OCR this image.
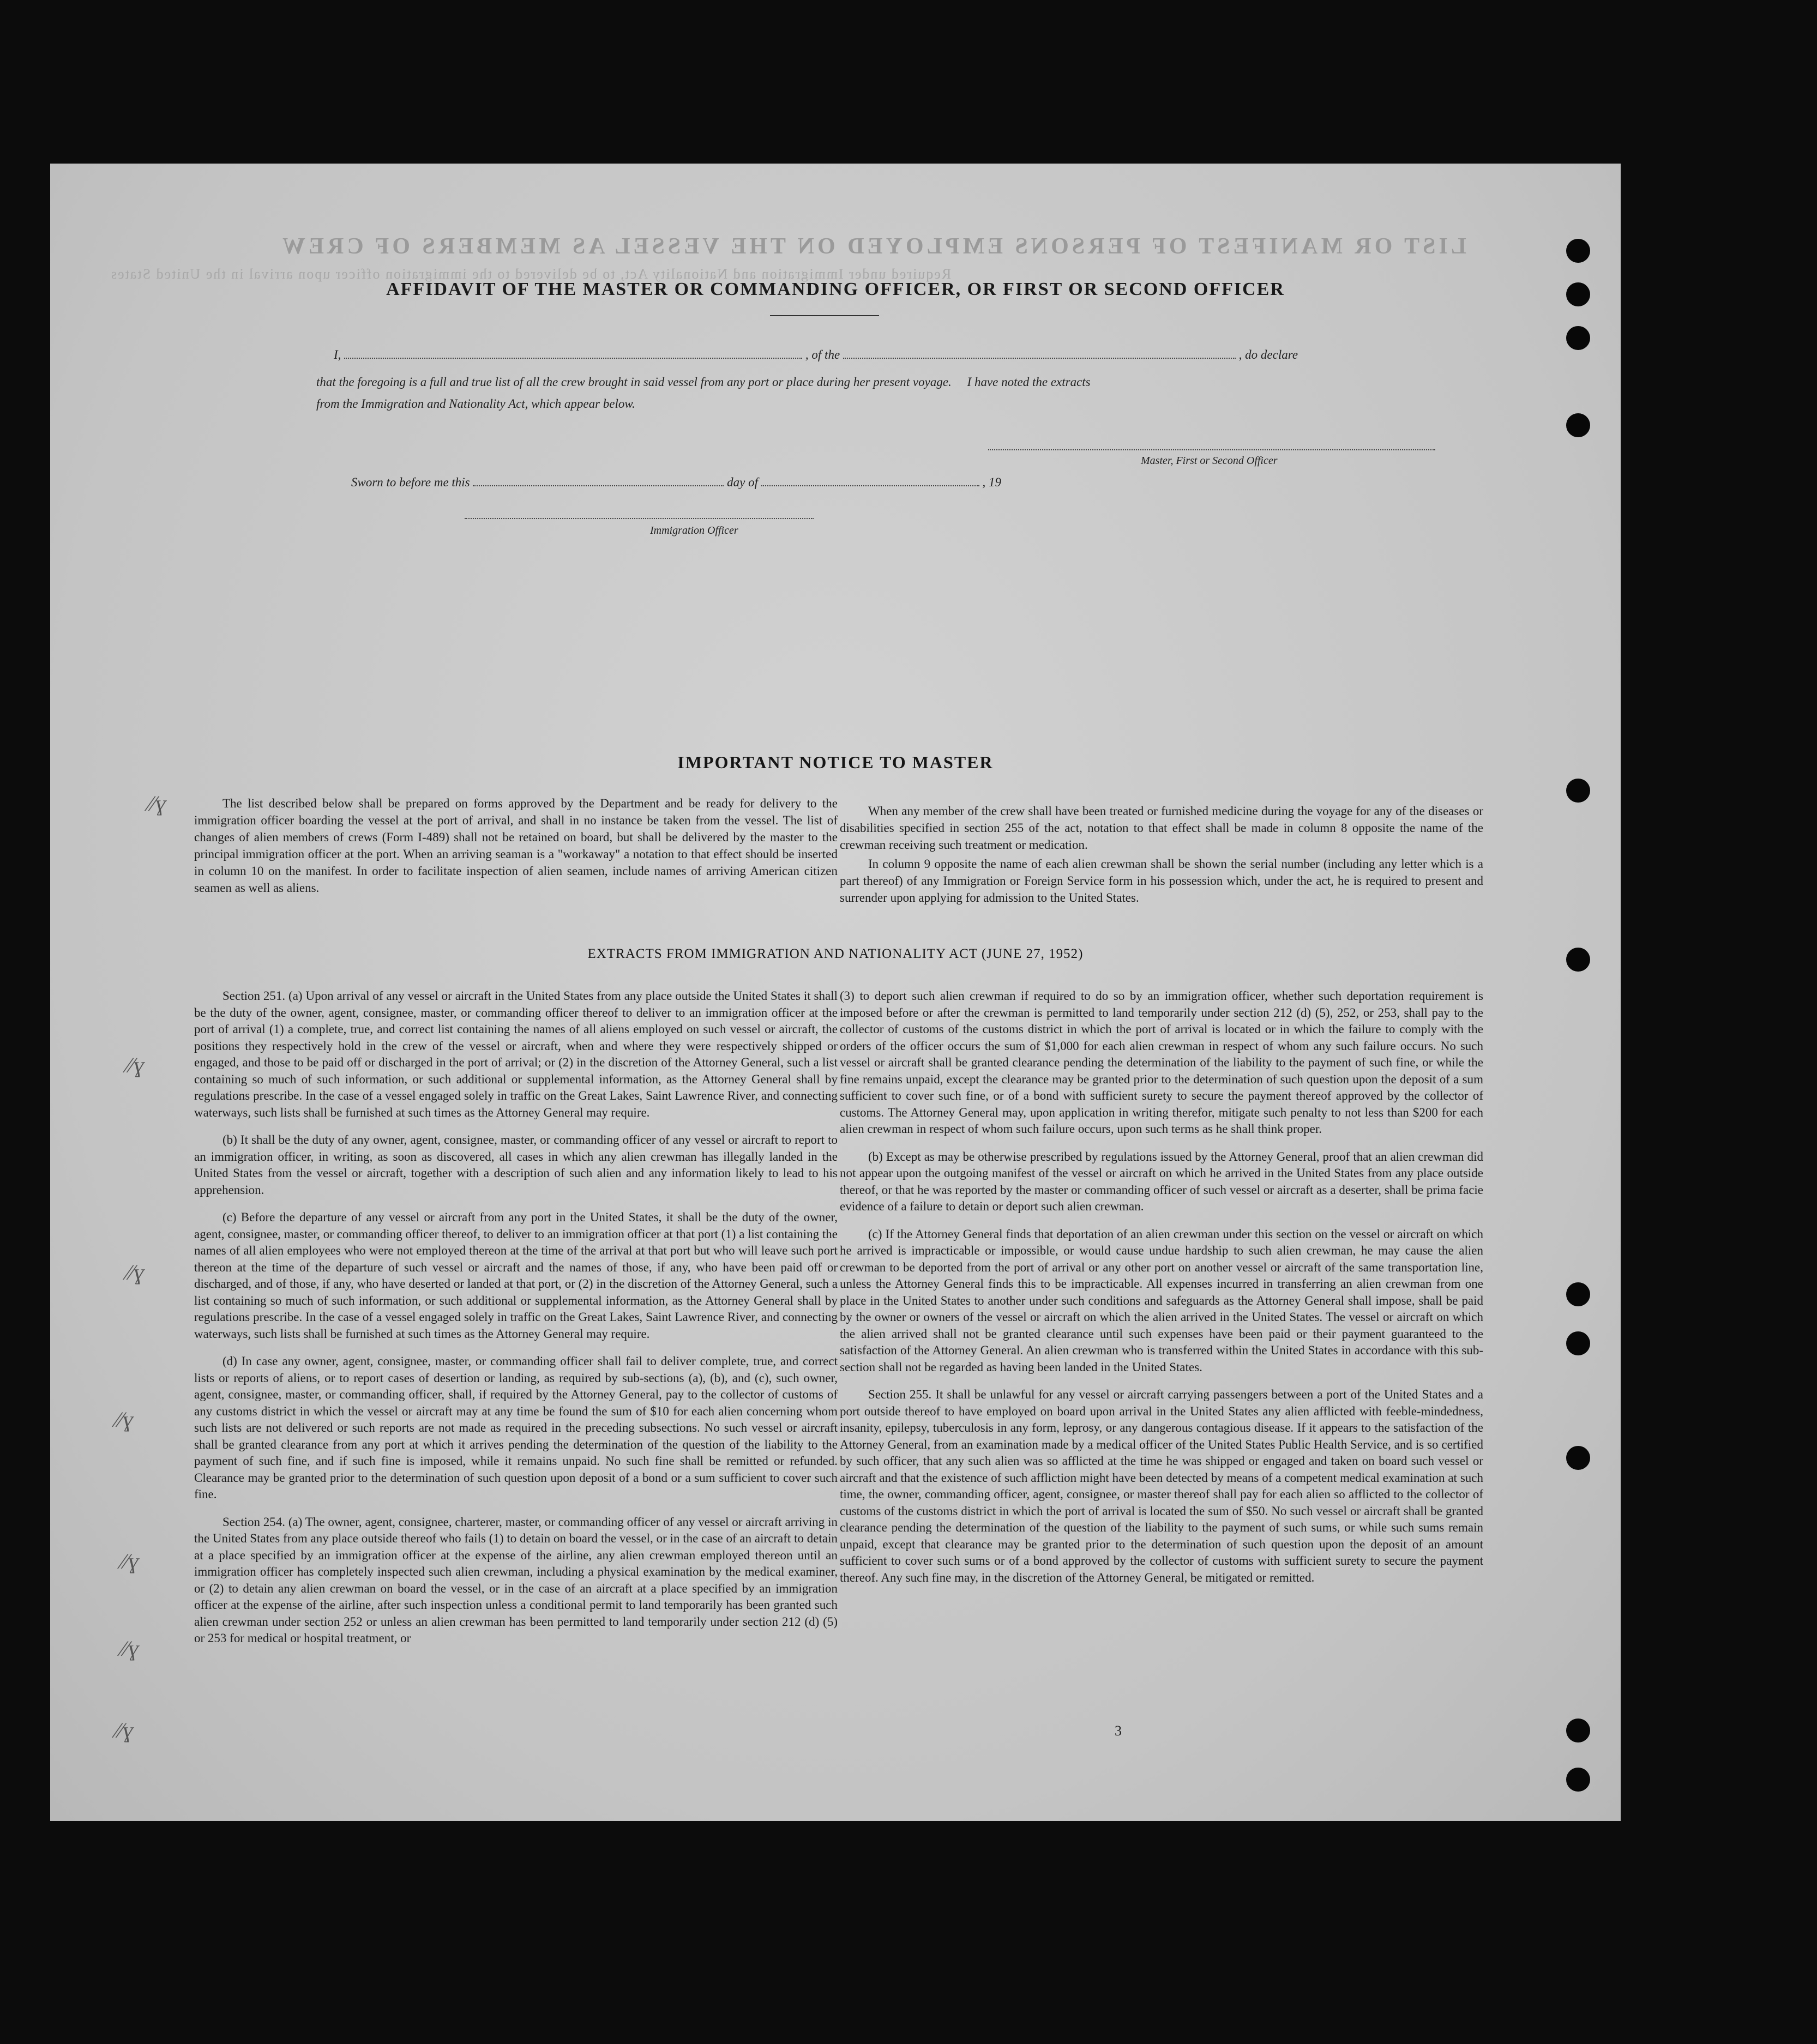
LIST OR MANIFEST OF PERSONS EMPLOYED ON THE VESSEL AS MEMBERS OF CREW
Required under Immigration and Nationality Act, to be delivered to the immigration officer upon arrival in the United States
AFFIDAVIT OF THE MASTER OR COMMANDING OFFICER, OR FIRST OR SECOND OFFICER
I,	, of the	, do declare
that the foregoing is a full and true list of all the crew brought in said vessel from any port or place during her present voyage. I have noted the extracts
from the Immigration and Nationality Act, which appear below.
Master, First or Second Officer
Sworn to before me this	day of	, 19
Immigration Officer
IMPORTANT NOTICE TO MASTER

The list described below shall be prepared on forms approved by the Department and be ready for delivery to the immigration officer boarding the vessel at the port of arrival, and shall in no instance be taken from the vessel. The list of changes of alien members of crews (Form I-489) shall not be retained on board, but shall be delivered by the master to the principal immigration officer at the port. When an arriving seaman is a "workaway" a notation to that effect should be inserted in column 10 on the manifest. In order to facilitate inspection of alien seamen, include names of arriving American citizen seamen as well as aliens.

When any member of the crew shall have been treated or furnished medicine during the voyage for any of the diseases or disabilities specified in section 255 of the act, notation to that effect shall be made in column 8 opposite the name of the crewman receiving such treatment or medication.

In column 9 opposite the name of each alien crewman shall be shown the serial number (including any letter which is a part thereof) of any Immigration or Foreign Service form in his possession which, under the act, he is required to present and surrender upon applying for admission to the United States.

EXTRACTS FROM IMMIGRATION AND NATIONALITY ACT (JUNE 27, 1952)

Section 251. (a) Upon arrival of any vessel or aircraft in the United States from any place outside the United States it shall be the duty of the owner, agent, consignee, master, or commanding officer thereof to deliver to an immigration officer at the port of arrival (1) a complete, true, and correct list containing the names of all aliens employed on such vessel or aircraft, the positions they respectively hold in the crew of the vessel or aircraft, when and where they were respectively shipped or engaged, and those to be paid off or discharged in the port of arrival; or (2) in the discretion of the Attorney General, such a list containing so much of such information, or such additional or supplemental information, as the Attorney General shall by regulations prescribe. In the case of a vessel engaged solely in traffic on the Great Lakes, Saint Lawrence River, and connecting waterways, such lists shall be furnished at such times as the Attorney General may require.

(b) It shall be the duty of any owner, agent, consignee, master, or commanding officer of any vessel or aircraft to report to an immigration officer, in writing, as soon as discovered, all cases in which any alien crewman has illegally landed in the United States from the vessel or aircraft, together with a description of such alien and any information likely to lead to his apprehension.

(c) Before the departure of any vessel or aircraft from any port in the United States, it shall be the duty of the owner, agent, consignee, master, or commanding officer thereof, to deliver to an immigration officer at that port (1) a list containing the names of all alien employees who were not employed thereon at the time of the arrival at that port but who will leave such port thereon at the time of the departure of such vessel or aircraft and the names of those, if any, who have been paid off or discharged, and of those, if any, who have deserted or landed at that port, or (2) in the discretion of the Attorney General, such a list containing so much of such information, or such additional or supplemental information, as the Attorney General shall by regulations prescribe. In the case of a vessel engaged solely in traffic on the Great Lakes, Saint Lawrence River, and connecting waterways, such lists shall be furnished at such times as the Attorney General may require.

(d) In case any owner, agent, consignee, master, or commanding officer shall fail to deliver complete, true, and correct lists or reports of aliens, or to report cases of desertion or landing, as required by sub-sections (a), (b), and (c), such owner, agent, consignee, master, or commanding officer, shall, if required by the Attorney General, pay to the collector of customs of any customs district in which the vessel or aircraft may at any time be found the sum of $10 for each alien concerning whom such lists are not delivered or such reports are not made as required in the preceding subsections. No such vessel or aircraft shall be granted clearance from any port at which it arrives pending the determination of the question of the liability to the payment of such fine, and if such fine is imposed, while it remains unpaid. No such fine shall be remitted or refunded. Clearance may be granted prior to the determination of such question upon deposit of a bond or a sum sufficient to cover such fine.

Section 254. (a) The owner, agent, consignee, charterer, master, or commanding officer of any vessel or aircraft arriving in the United States from any place outside thereof who fails (1) to detain on board the vessel, or in the case of an aircraft to detain at a place specified by an immigration officer at the expense of the airline, any alien crewman employed thereon until an immigration officer has completely inspected such alien crewman, including a physical examination by the medical examiner, or (2) to detain any alien crewman on board the vessel, or in the case of an aircraft at a place specified by an immigration officer at the expense of the airline, after such inspection unless a conditional permit to land temporarily has been granted such alien crewman under section 252 or unless an alien crewman has been permitted to land temporarily under section 212 (d) (5) or 253 for medical or hospital treatment, or

(3) to deport such alien crewman if required to do so by an immigration officer, whether such deportation requirement is imposed before or after the crewman is permitted to land temporarily under section 212 (d) (5), 252, or 253, shall pay to the collector of customs of the customs district in which the port of arrival is located or in which the failure to comply with the orders of the officer occurs the sum of $1,000 for each alien crewman in respect of whom any such failure occurs. No such vessel or aircraft shall be granted clearance pending the determination of the liability to the payment of such fine, or while the fine remains unpaid, except the clearance may be granted prior to the determination of such question upon the deposit of a sum sufficient to cover such fine, or of a bond with sufficient surety to secure the payment thereof approved by the collector of customs. The Attorney General may, upon application in writing therefor, mitigate such penalty to not less than $200 for each alien crewman in respect of whom such failure occurs, upon such terms as he shall think proper.

(b) Except as may be otherwise prescribed by regulations issued by the Attorney General, proof that an alien crewman did not appear upon the outgoing manifest of the vessel or aircraft on which he arrived in the United States from any place outside thereof, or that he was reported by the master or commanding officer of such vessel or aircraft as a deserter, shall be prima facie evidence of a failure to detain or deport such alien crewman.

(c) If the Attorney General finds that deportation of an alien crewman under this section on the vessel or aircraft on which he arrived is impracticable or impossible, or would cause undue hardship to such alien crewman, he may cause the alien crewman to be deported from the port of arrival or any other port on another vessel or aircraft of the same transportation line, unless the Attorney General finds this to be impracticable. All expenses incurred in transferring an alien crewman from one place in the United States to another under such conditions and safeguards as the Attorney General shall impose, shall be paid by the owner or owners of the vessel or aircraft on which the alien arrived in the United States. The vessel or aircraft on which the alien arrived shall not be granted clearance until such expenses have been paid or their payment guaranteed to the satisfaction of the Attorney General. An alien crewman who is transferred within the United States in accordance with this sub-section shall not be regarded as having been landed in the United States.

Section 255. It shall be unlawful for any vessel or aircraft carrying passengers between a port of the United States and a port outside thereof to have employed on board upon arrival in the United States any alien afflicted with feeble-mindedness, insanity, epilepsy, tuberculosis in any form, leprosy, or any dangerous contagious disease. If it appears to the satisfaction of the Attorney General, from an examination made by a medical officer of the United States Public Health Service, and is so certified by such officer, that any such alien was so afflicted at the time he was shipped or engaged and taken on board such vessel or aircraft and that the existence of such affliction might have been detected by means of a competent medical examination at such time, the owner, commanding officer, agent, consignee, or master thereof shall pay for each alien so afflicted to the collector of customs of the customs district in which the port of arrival is located the sum of $50. No such vessel or aircraft shall be granted clearance pending the determination of the question of the liability to the payment of such sums, or while such sums remain unpaid, except that clearance may be granted prior to the determination of such question upon the deposit of an amount sufficient to cover such sums or of a bond approved by the collector of customs with sufficient surety to secure the payment thereof. Any such fine may, in the discretion of the Attorney General, be mitigated or remitted.

3
⁄⁄ɣ
⁄⁄ɣ
⁄⁄ɣ
⁄⁄ɣ
⁄⁄ɣ
⁄⁄ɣ
⁄⁄ɣ
